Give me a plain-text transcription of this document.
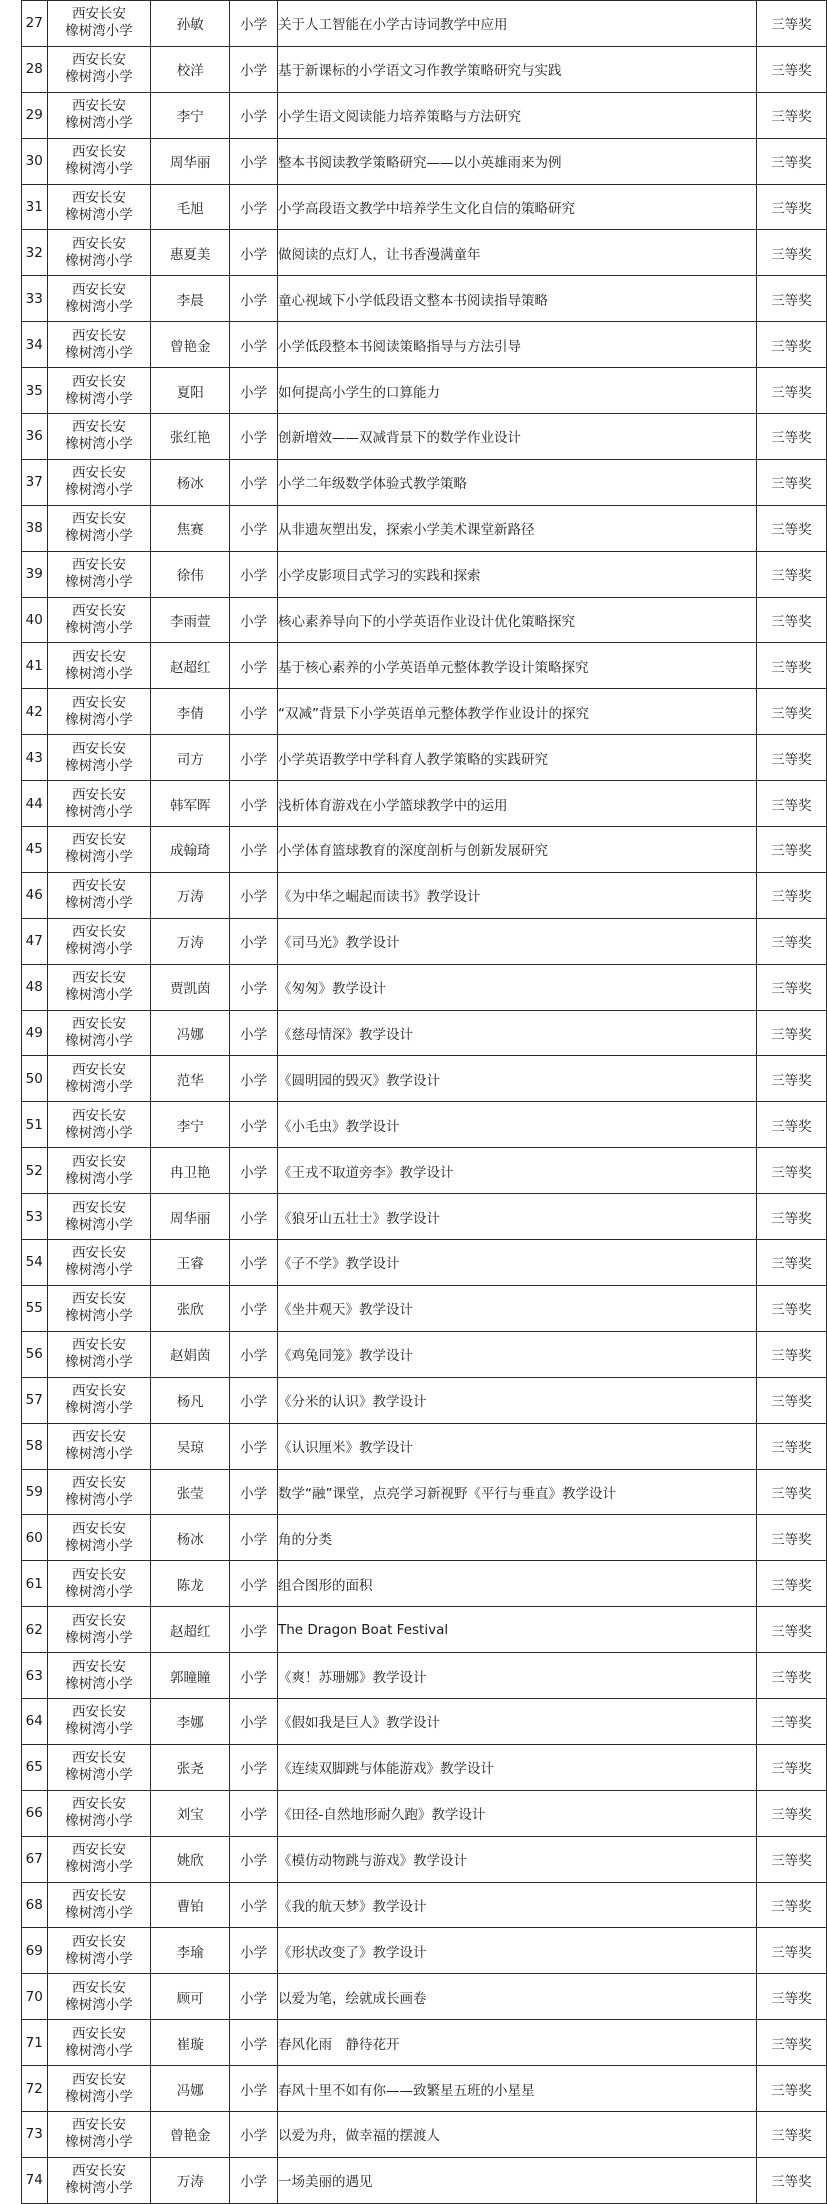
27	西安长安
橡树湾小学	孙敏	小学	关于人工智能在小学古诗词教学中应用	三等奖
28	西安长安
橡树湾小学	校洋	小学	基于新课标的小学语文习作教学策略研究与实践	三等奖
29	西安长安
橡树湾小学	李宁	小学	小学生语文阅读能力培养策略与方法研究	三等奖
30	西安长安
橡树湾小学	周华丽	小学	整本书阅读教学策略研究——以小英雄雨来为例	三等奖
31	西安长安
橡树湾小学	毛旭	小学	小学高段语文教学中培养学生文化自信的策略研究	三等奖
32	西安长安
橡树湾小学	惠夏美	小学	做阅读的点灯人，让书香漫满童年	三等奖
33	西安长安
橡树湾小学	李晨	小学	童心视域下小学低段语文整本书阅读指导策略	三等奖
34	西安长安
橡树湾小学	曾艳金	小学	小学低段整本书阅读策略指导与方法引导	三等奖
35	西安长安
橡树湾小学	夏阳	小学	如何提高小学生的口算能力	三等奖
36	西安长安
橡树湾小学	张红艳	小学	创新增效——双减背景下的数学作业设计	三等奖
37	西安长安
橡树湾小学	杨冰	小学	小学二年级数学体验式教学策略	三等奖
38	西安长安
橡树湾小学	焦赛	小学	从非遗灰塑出发，探索小学美术课堂新路径	三等奖
39	西安长安
橡树湾小学	徐伟	小学	小学皮影项目式学习的实践和探索	三等奖
40	西安长安
橡树湾小学	李雨萱	小学	核心素养导向下的小学英语作业设计优化策略探究	三等奖
41	西安长安
橡树湾小学	赵超红	小学	基于核心素养的小学英语单元整体教学设计策略探究	三等奖
42	西安长安
橡树湾小学	李倩	小学	“双减”背景下小学英语单元整体教学作业设计的探究	三等奖
43	西安长安
橡树湾小学	司方	小学	小学英语教学中学科育人教学策略的实践研究	三等奖
44	西安长安
橡树湾小学	韩军晖	小学	浅析体育游戏在小学篮球教学中的运用	三等奖
45	西安长安
橡树湾小学	成翰琦	小学	小学体育篮球教育的深度剖析与创新发展研究	三等奖
46	西安长安
橡树湾小学	万涛	小学	《为中华之崛起而读书》教学设计	三等奖
47	西安长安
橡树湾小学	万涛	小学	《司马光》教学设计	三等奖
48	西安长安
橡树湾小学	贾凯茵	小学	《匆匆》教学设计	三等奖
49	西安长安
橡树湾小学	冯娜	小学	《慈母情深》教学设计	三等奖
50	西安长安
橡树湾小学	范华	小学	《圆明园的毁灭》教学设计	三等奖
51	西安长安
橡树湾小学	李宁	小学	《小毛虫》教学设计	三等奖
52	西安长安
橡树湾小学	冉卫艳	小学	《王戎不取道旁李》教学设计	三等奖
53	西安长安
橡树湾小学	周华丽	小学	《狼牙山五壮士》教学设计	三等奖
54	西安长安
橡树湾小学	王睿	小学	《子不学》教学设计	三等奖
55	西安长安
橡树湾小学	张欣	小学	《坐井观天》教学设计	三等奖
56	西安长安
橡树湾小学	赵娟茵	小学	《鸡兔同笼》教学设计	三等奖
57	西安长安
橡树湾小学	杨凡	小学	《分米的认识》教学设计	三等奖
58	西安长安
橡树湾小学	吴琼	小学	《认识厘米》教学设计	三等奖
59	西安长安
橡树湾小学	张莹	小学	数学“融”课堂，点亮学习新视野《平行与垂直》教学设计	三等奖
60	西安长安
橡树湾小学	杨冰	小学	角的分类	三等奖
61	西安长安
橡树湾小学	陈龙	小学	组合图形的面积	三等奖
62	西安长安
橡树湾小学	赵超红	小学	The Dragon Boat Festival	三等奖
63	西安长安
橡树湾小学	郭瞳瞳	小学	《爽！苏珊娜》教学设计	三等奖
64	西安长安
橡树湾小学	李娜	小学	《假如我是巨人》教学设计	三等奖
65	西安长安
橡树湾小学	张尧	小学	《连续双脚跳与体能游戏》教学设计	三等奖
66	西安长安
橡树湾小学	刘宝	小学	《田径-自然地形耐久跑》教学设计	三等奖
67	西安长安
橡树湾小学	姚欣	小学	《模仿动物跳与游戏》教学设计	三等奖
68	西安长安
橡树湾小学	曹铂	小学	《我的航天梦》教学设计	三等奖
69	西安长安
橡树湾小学	李瑜	小学	《形状改变了》教学设计	三等奖
70	西安长安
橡树湾小学	顾可	小学	以爱为笔，绘就成长画卷	三等奖
71	西安长安
橡树湾小学	崔璇	小学	春风化雨　静待花开	三等奖
72	西安长安
橡树湾小学	冯娜	小学	春风十里不如有你——致繁星五班的小星星	三等奖
73	西安长安
橡树湾小学	曾艳金	小学	以爱为舟，做幸福的摆渡人	三等奖
74	西安长安
橡树湾小学	万涛	小学	一场美丽的遇见	三等奖
